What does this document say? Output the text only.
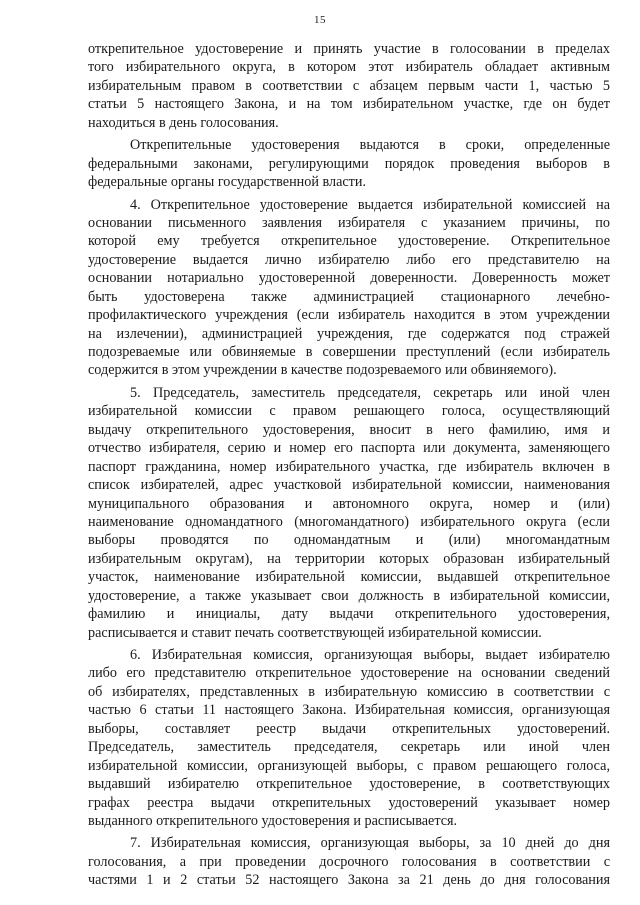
15
открепительное удостоверение и принять участие в голосовании в пределах
того избирательного округа, в котором этот избиратель обладает активным
избирательным правом в соответствии с абзацем первым части 1, частью 5
статьи 5 настоящего Закона, и на том избирательном участке, где он будет
находиться в день голосования.
Открепительные удостоверения выдаются в сроки, определенные
федеральными законами, регулирующими порядок проведения выборов в
федеральные органы государственной власти.
4. Открепительное удостоверение выдается избирательной комиссией на
основании письменного заявления избирателя с указанием причины, по
которой ему требуется открепительное удостоверение. Открепительное
удостоверение выдается лично избирателю либо его представителю на
основании нотариально удостоверенной доверенности. Доверенность может
быть удостоверена также администрацией стационарного лечебно-
профилактического учреждения (если избиратель находится в этом учреждении
на излечении), администрацией учреждения, где содержатся под стражей
подозреваемые или обвиняемые в совершении преступлений (если избиратель
содержится в этом учреждении в качестве подозреваемого или обвиняемого).
5. Председатель, заместитель председателя, секретарь или иной член
избирательной комиссии с правом решающего голоса, осуществляющий
выдачу открепительного удостоверения, вносит в него фамилию, имя и
отчество избирателя, серию и номер его паспорта или документа, заменяющего
паспорт гражданина, номер избирательного участка, где избиратель включен в
список избирателей, адрес участковой избирательной комиссии, наименования
муниципального образования и автономного округа, номер и (или)
наименование одномандатного (многомандатного) избирательного округа (если
выборы проводятся по одномандатным и (или) многомандатным
избирательным округам), на территории которых образован избирательный
участок, наименование избирательной комиссии, выдавшей открепительное
удостоверение, а также указывает свои должность в избирательной комиссии,
фамилию и инициалы, дату выдачи открепительного удостоверения,
расписывается и ставит печать соответствующей избирательной комиссии.
6. Избирательная комиссия, организующая выборы, выдает избирателю
либо его представителю открепительное удостоверение на основании сведений
об избирателях, представленных в избирательную комиссию в соответствии с
частью 6 статьи 11 настоящего Закона. Избирательная комиссия, организующая
выборы, составляет реестр выдачи открепительных удостоверений.
Председатель, заместитель председателя, секретарь или иной член
избирательной комиссии, организующей выборы, с правом решающего голоса,
выдавший избирателю открепительное удостоверение, в соответствующих
графах реестра выдачи открепительных удостоверений указывает номер
выданного открепительного удостоверения и расписывается.
7. Избирательная комиссия, организующая выборы, за 10 дней до дня
голосования, а при проведении досрочного голосования в соответствии с
частями 1 и 2 статьи 52 настоящего Закона за 21 день до дня голосования
